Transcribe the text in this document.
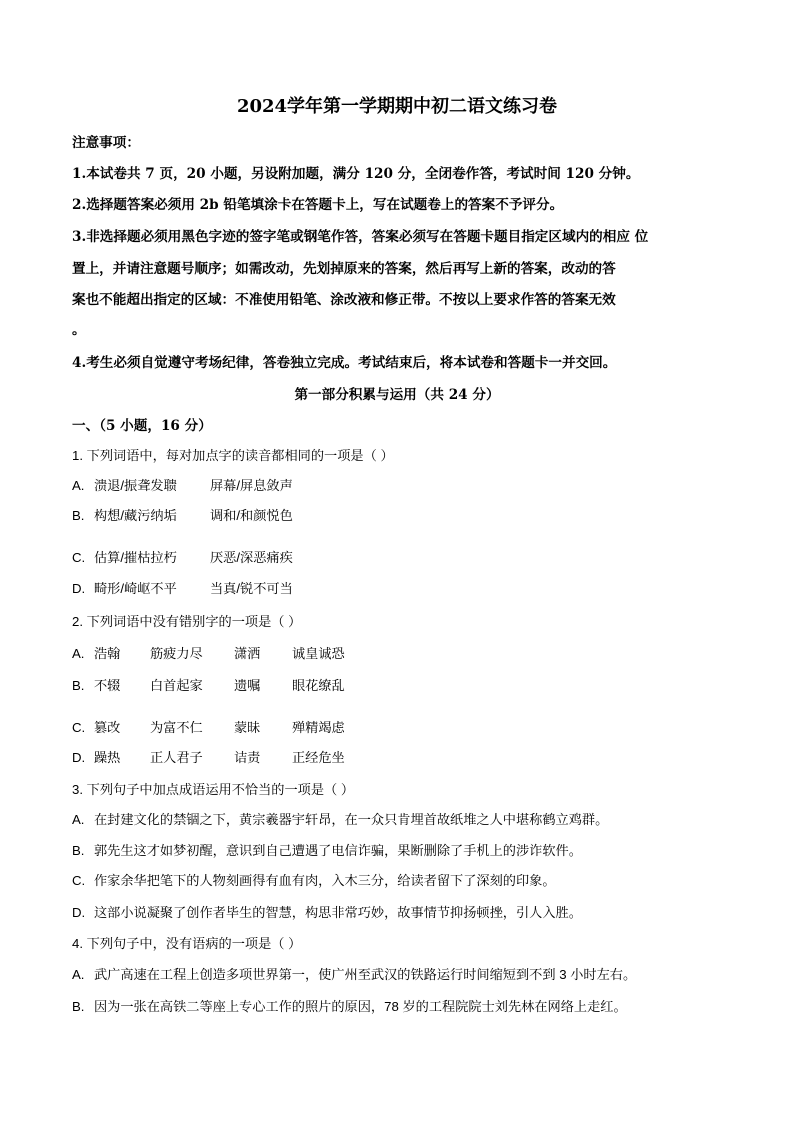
2024学年第一学期期中初二语文练习卷
注意事项：
1.本试卷共 7 页，20 小题，另设附加题，满分 120 分，全闭卷作答，考试时间 120 分钟。
2.选择题答案必须用 2b 铅笔填涂卡在答题卡上，写在试题卷上的答案不予评分。
3.非选择题必须用黑色字迹的签字笔或钢笔作答，答案必须写在答题卡题目指定区域内的相应 位
置上，并请注意题号顺序；如需改动，先划掉原来的答案，然后再写上新的答案，改动的答
案也不能超出指定的区域：不准使用铅笔、涂改液和修正带。不按以上要求作答的答案无效
。
4.考生必须自觉遵守考场纪律，答卷独立完成。考试结束后，将本试卷和答题卡一并交回。
第一部分积累与运用（共 24 分）
一、（5 小题，16 分）
1. 下列词语中，每对加点字的读音都相同的一项是（ ）
A. 溃退/振聋发聩	屏幕/屏息敛声
B. 构想/藏污纳垢	调和/和颜悦色
C. 估算/摧枯拉朽	厌恶/深恶痛疾
D. 畸形/崎岖不平	当真/锐不可当
2. 下列词语中没有错别字的一项是（ ）
A. 浩翰 筋疲力尽 潇洒 诚皇诚恐
B. 不辍 白首起家 遗嘱 眼花缭乱
C. 篡改 为富不仁 蒙昧 殚精竭虑
D. 躁热 正人君子 诘责 正经危坐
3. 下列句子中加点成语运用不恰当的一项是（ ）
A. 在封建文化的禁锢之下，黄宗羲器宇轩昂，在一众只肯埋首故纸堆之人中堪称鹤立鸡群。
B. 郭先生这才如梦初醒，意识到自己遭遇了电信诈骗，果断删除了手机上的涉诈软件。
C. 作家余华把笔下的人物刻画得有血有肉，入木三分，给读者留下了深刻的印象。
D. 这部小说凝聚了创作者毕生的智慧，构思非常巧妙，故事情节抑扬顿挫，引人入胜。
4. 下列句子中，没有语病的一项是（ ）
A. 武广高速在工程上创造多项世界第一，使广州至武汉的铁路运行时间缩短到不到 3 小时左右。
B. 因为一张在高铁二等座上专心工作的照片的原因，78 岁的工程院院士刘先林在网络上走红。
